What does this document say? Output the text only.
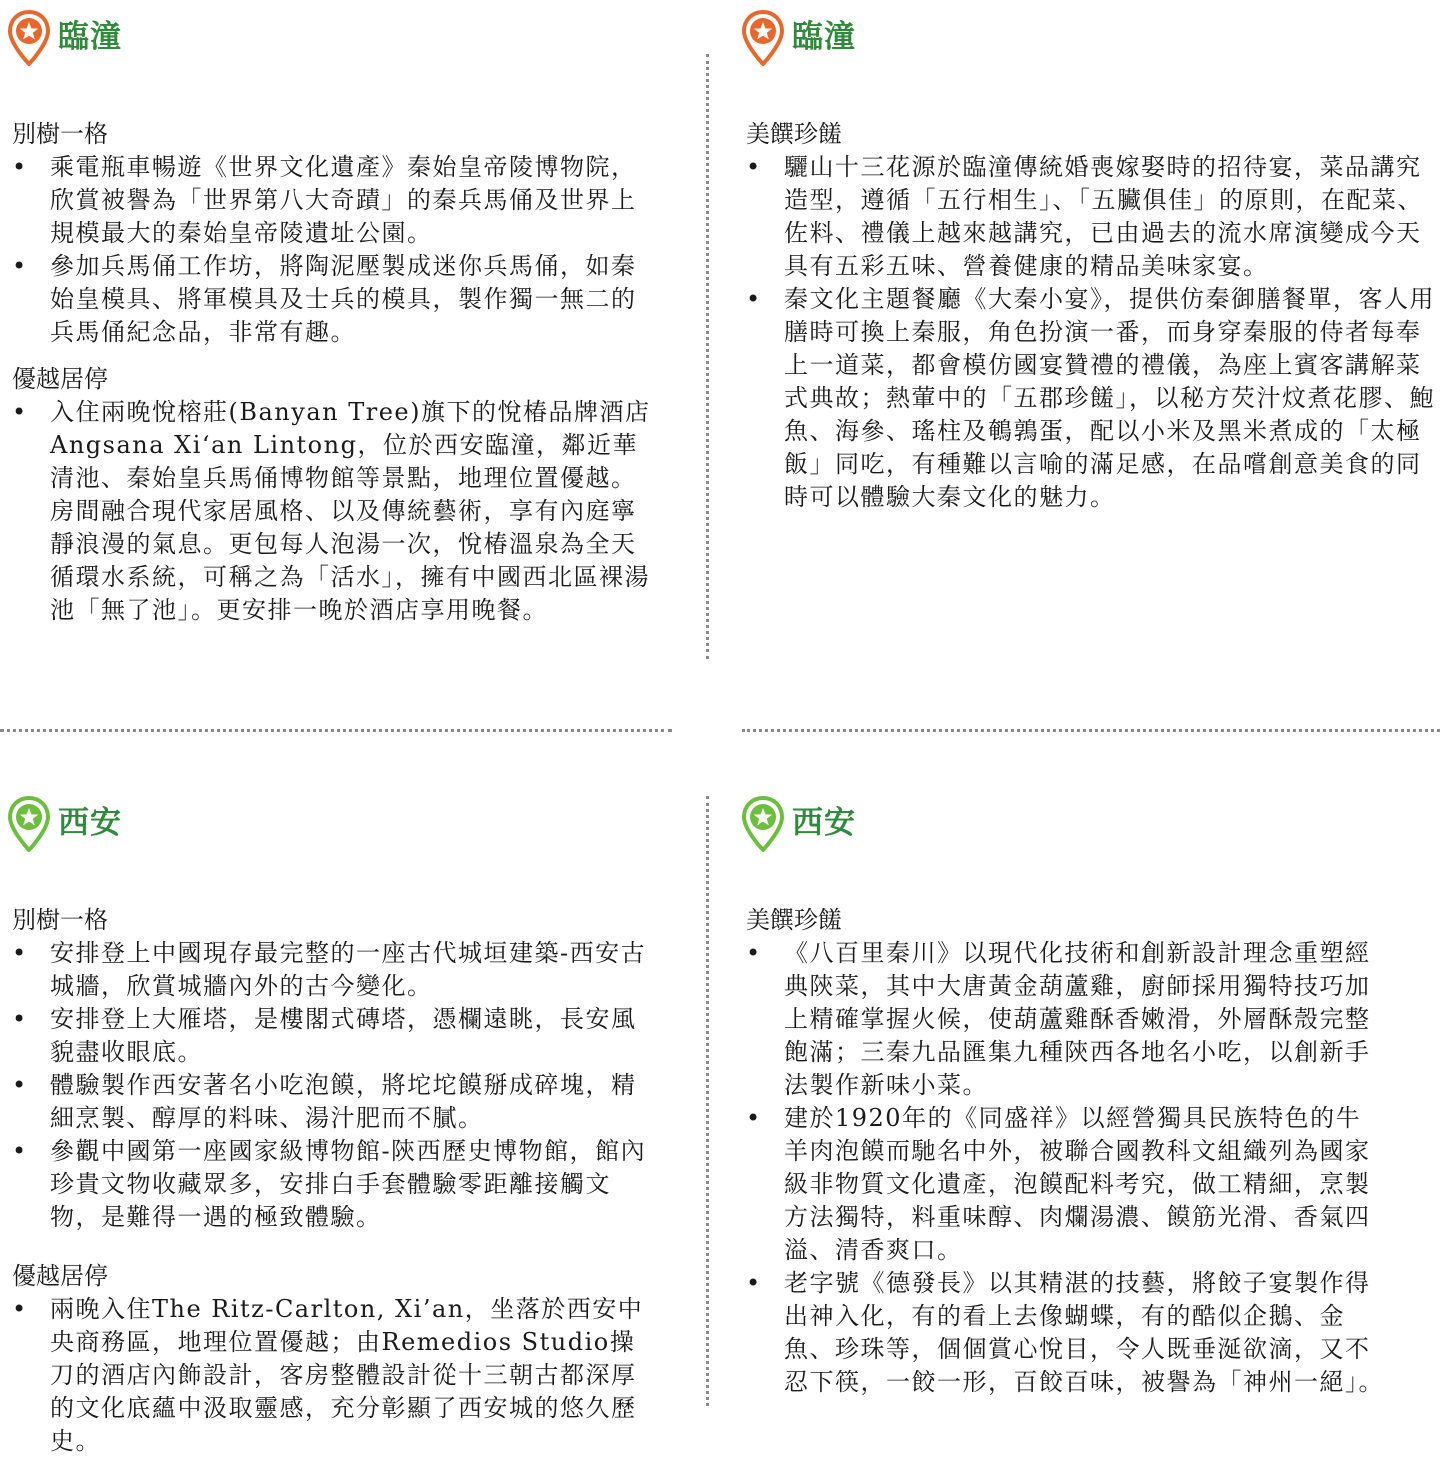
臨潼
別樹一格
• 乘電瓶車暢遊《世界文化遺產》秦始皇帝陵博物院，欣賞被譽為「世界第八大奇蹟」的秦兵馬俑及世界上規模最大的秦始皇帝陵遺址公園。
• 參加兵馬俑工作坊，將陶泥壓製成迷你兵馬俑，如秦始皇模具、將軍模具及士兵的模具，製作獨一無二的兵馬俑紀念品，非常有趣。
優越居停
• 入住兩晚悅榕莊(Banyan Tree)旗下的悅椿品牌酒店Angsana Xi‘an Lintong，位於西安臨潼，鄰近華清池、秦始皇兵馬俑博物館等景點，地理位置優越。房間融合現代家居風格、以及傳統藝術，享有內庭寧靜浪漫的氣息。更包每人泡湯一次，悅椿溫泉為全天循環水系統，可稱之為「活水」，擁有中國西北區裸湯池「無了池」。更安排一晚於酒店享用晚餐。
臨潼
美饌珍饈
• 驪山十三花源於臨潼傳統婚喪嫁娶時的招待宴，菜品講究造型，遵循「五行相生」、「五臟俱佳」的原則，在配菜、佐料、禮儀上越來越講究，已由過去的流水席演變成今天具有五彩五味、營養健康的精品美味家宴。
• 秦文化主題餐廳《大秦小宴》，提供仿秦御膳餐單，客人用膳時可換上秦服，角色扮演一番，而身穿秦服的侍者每奉上一道菜，都會模仿國宴贊禮的禮儀，為座上賓客講解菜式典故；熱葷中的「五郡珍饈」，以秘方芡汁炆煮花膠、鮑魚、海參、瑤柱及鵪鶉蛋，配以小米及黑米煮成的「太極飯」同吃，有種難以言喻的滿足感，在品嚐創意美食的同時可以體驗大秦文化的魅力。
西安
別樹一格
• 安排登上中國現存最完整的一座古代城垣建築-西安古城牆，欣賞城牆內外的古今變化。
• 安排登上大雁塔，是樓閣式磚塔，憑欄遠眺，長安風貌盡收眼底。
• 體驗製作西安著名小吃泡饃，將坨坨饃掰成碎塊，精細烹製、醇厚的料味、湯汁肥而不膩。
• 參觀中國第一座國家級博物館-陝西歷史博物館，館內珍貴文物收藏眾多，安排白手套體驗零距離接觸文物，是難得一遇的極致體驗。
優越居停
• 兩晚入住The Ritz-Carlton, Xi’an，坐落於西安中央商務區，地理位置優越；由Remedios Studio操刀的酒店內飾設計，客房整體設計從十三朝古都深厚的文化底蘊中汲取靈感，充分彰顯了西安城的悠久歷史。
西安
美饌珍饈
• 《八百里秦川》以現代化技術和創新設計理念重塑經典陝菜，其中大唐黃金葫蘆雞，廚師採用獨特技巧加上精確掌握火候，使葫蘆雞酥香嫩滑，外層酥殼完整飽滿；三秦九品匯集九種陝西各地名小吃，以創新手法製作新味小菜。
• 建於1920年的《同盛祥》以經營獨具民族特色的牛羊肉泡饃而馳名中外，被聯合國教科文組織列為國家級非物質文化遺產，泡饃配料考究，做工精細，烹製方法獨特，料重味醇、肉爛湯濃、饃筋光滑、香氣四溢、清香爽口。
• 老字號《德發長》以其精湛的技藝，將餃子宴製作得出神入化，有的看上去像蝴蝶，有的酷似企鵝、金魚、珍珠等，個個賞心悅目，令人既垂涎欲滴，又不忍下筷，一餃一形，百餃百味，被譽為「神州一絕」。
